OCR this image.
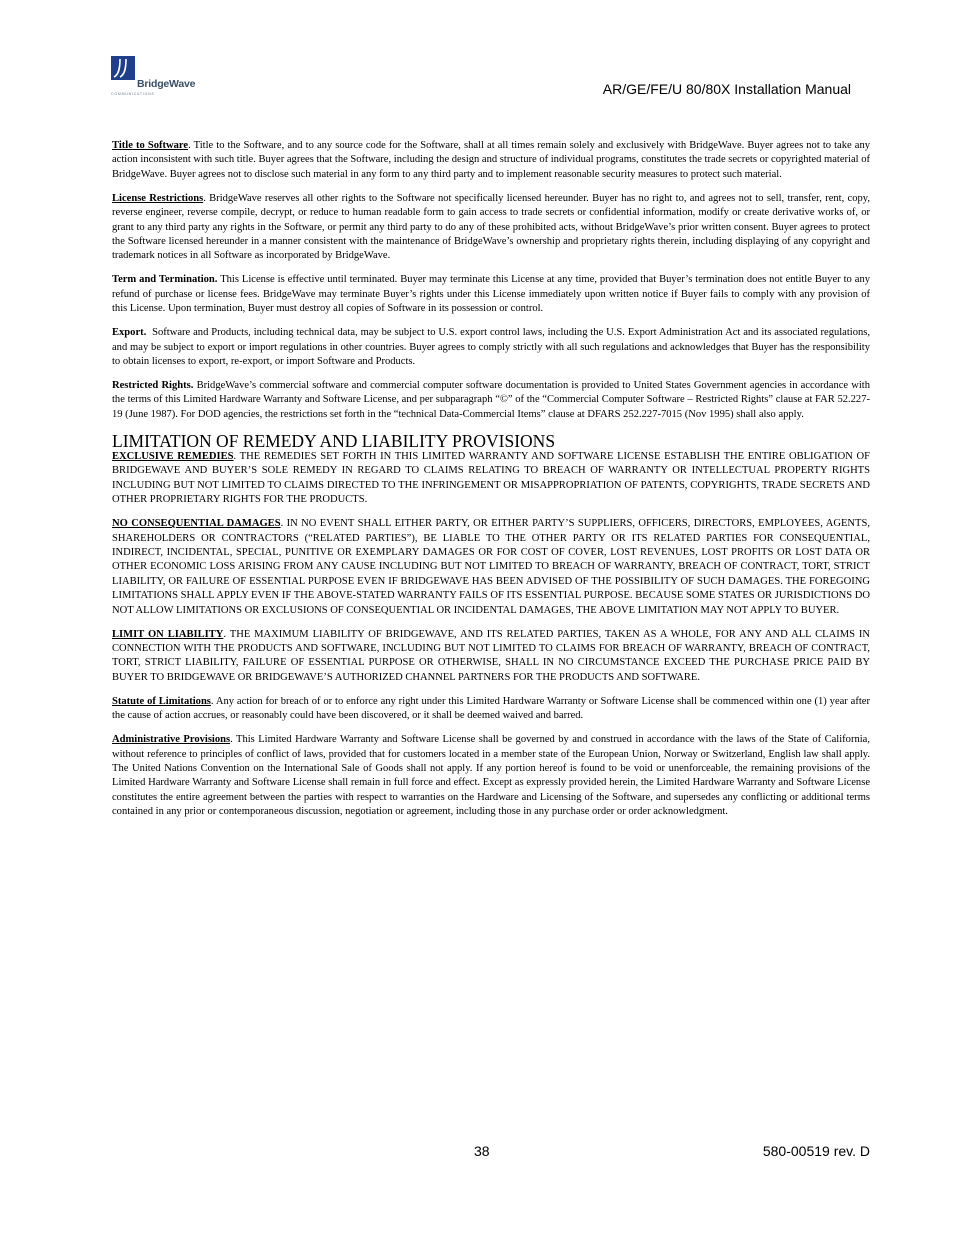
BridgeWave
COMMUNICATIONS	AR/GE/FE/U 80/80X Installation Manual

Title to Software. Title to the Software, and to any source code for the Software, shall at all times remain solely and exclusively with BridgeWave. Buyer agrees not to take any action inconsistent with such title. Buyer agrees that the Software, including the design and structure of individual programs, constitutes the trade secrets or copyrighted material of BridgeWave. Buyer agrees not to disclose such material in any form to any third party and to implement reasonable security measures to protect such material.

License Restrictions. BridgeWave reserves all other rights to the Software not specifically licensed hereunder. Buyer has no right to, and agrees not to sell, transfer, rent, copy, reverse engineer, reverse compile, decrypt, or reduce to human readable form to gain access to trade secrets or confidential information, modify or create derivative works of, or grant to any third party any rights in the Software, or permit any third party to do any of these prohibited acts, without BridgeWave’s prior written consent. Buyer agrees to protect the Software licensed hereunder in a manner consistent with the maintenance of BridgeWave’s ownership and proprietary rights therein, including displaying of any copyright and trademark notices in all Software as incorporated by BridgeWave.

Term and Termination. This License is effective until terminated. Buyer may terminate this License at any time, provided that Buyer’s termination does not entitle Buyer to any refund of purchase or license fees. BridgeWave may terminate Buyer’s rights under this License immediately upon written notice if Buyer fails to comply with any provision of this License. Upon termination, Buyer must destroy all copies of Software in its possession or control.

Export. Software and Products, including technical data, may be subject to U.S. export control laws, including the U.S. Export Administration Act and its associated regulations, and may be subject to export or import regulations in other countries. Buyer agrees to comply strictly with all such regulations and acknowledges that Buyer has the responsibility to obtain licenses to export, re-export, or import Software and Products.

Restricted Rights. BridgeWave’s commercial software and commercial computer software documentation is provided to United States Government agencies in accordance with the terms of this Limited Hardware Warranty and Software License, and per subparagraph “©” of the “Commercial Computer Software – Restricted Rights” clause at FAR 52.227-19 (June 1987). For DOD agencies, the restrictions set forth in the “technical Data-Commercial Items” clause at DFARS 252.227-7015 (Nov 1995) shall also apply.

LIMITATION OF REMEDY AND LIABILITY PROVISIONS

EXCLUSIVE REMEDIES. THE REMEDIES SET FORTH IN THIS LIMITED WARRANTY AND SOFTWARE LICENSE ESTABLISH THE ENTIRE OBLIGATION OF BRIDGEWAVE AND BUYER’S SOLE REMEDY IN REGARD TO CLAIMS RELATING TO BREACH OF WARRANTY OR INTELLECTUAL PROPERTY RIGHTS INCLUDING BUT NOT LIMITED TO CLAIMS DIRECTED TO THE INFRINGEMENT OR MISAPPROPRIATION OF PATENTS, COPYRIGHTS, TRADE SECRETS AND OTHER PROPRIETARY RIGHTS FOR THE PRODUCTS.

NO CONSEQUENTIAL DAMAGES. IN NO EVENT SHALL EITHER PARTY, OR EITHER PARTY’S SUPPLIERS, OFFICERS, DIRECTORS, EMPLOYEES, AGENTS, SHAREHOLDERS OR CONTRACTORS (“RELATED PARTIES”), BE LIABLE TO THE OTHER PARTY OR ITS RELATED PARTIES FOR CONSEQUENTIAL, INDIRECT, INCIDENTAL, SPECIAL, PUNITIVE OR EXEMPLARY DAMAGES OR FOR COST OF COVER, LOST REVENUES, LOST PROFITS OR LOST DATA OR OTHER ECONOMIC LOSS ARISING FROM ANY CAUSE INCLUDING BUT NOT LIMITED TO BREACH OF WARRANTY, BREACH OF CONTRACT, TORT, STRICT LIABILITY, OR FAILURE OF ESSENTIAL PURPOSE EVEN IF BRIDGEWAVE HAS BEEN ADVISED OF THE POSSIBILITY OF SUCH DAMAGES. THE FOREGOING LIMITATIONS SHALL APPLY EVEN IF THE ABOVE-STATED WARRANTY FAILS OF ITS ESSENTIAL PURPOSE. BECAUSE SOME STATES OR JURISDICTIONS DO NOT ALLOW LIMITATIONS OR EXCLUSIONS OF CONSEQUENTIAL OR INCIDENTAL DAMAGES, THE ABOVE LIMITATION MAY NOT APPLY TO BUYER.

LIMIT ON LIABILITY. THE MAXIMUM LIABILITY OF BRIDGEWAVE, AND ITS RELATED PARTIES, TAKEN AS A WHOLE, FOR ANY AND ALL CLAIMS IN CONNECTION WITH THE PRODUCTS AND SOFTWARE, INCLUDING BUT NOT LIMITED TO CLAIMS FOR BREACH OF WARRANTY, BREACH OF CONTRACT, TORT, STRICT LIABILITY, FAILURE OF ESSENTIAL PURPOSE OR OTHERWISE, SHALL IN NO CIRCUMSTANCE EXCEED THE PURCHASE PRICE PAID BY BUYER TO BRIDGEWAVE OR BRIDGEWAVE’S AUTHORIZED CHANNEL PARTNERS FOR THE PRODUCTS AND SOFTWARE.

Statute of Limitations. Any action for breach of or to enforce any right under this Limited Hardware Warranty or Software License shall be commenced within one (1) year after the cause of action accrues, or reasonably could have been discovered, or it shall be deemed waived and barred.

Administrative Provisions. This Limited Hardware Warranty and Software License shall be governed by and construed in accordance with the laws of the State of California, without reference to principles of conflict of laws, provided that for customers located in a member state of the European Union, Norway or Switzerland, English law shall apply. The United Nations Convention on the International Sale of Goods shall not apply. If any portion hereof is found to be void or unenforceable, the remaining provisions of the Limited Hardware Warranty and Software License shall remain in full force and effect. Except as expressly provided herein, the Limited Hardware Warranty and Software License constitutes the entire agreement between the parties with respect to warranties on the Hardware and Licensing of the Software, and supersedes any conflicting or additional terms contained in any prior or contemporaneous discussion, negotiation or agreement, including those in any purchase order or order acknowledgment.

38	580-00519 rev. D
